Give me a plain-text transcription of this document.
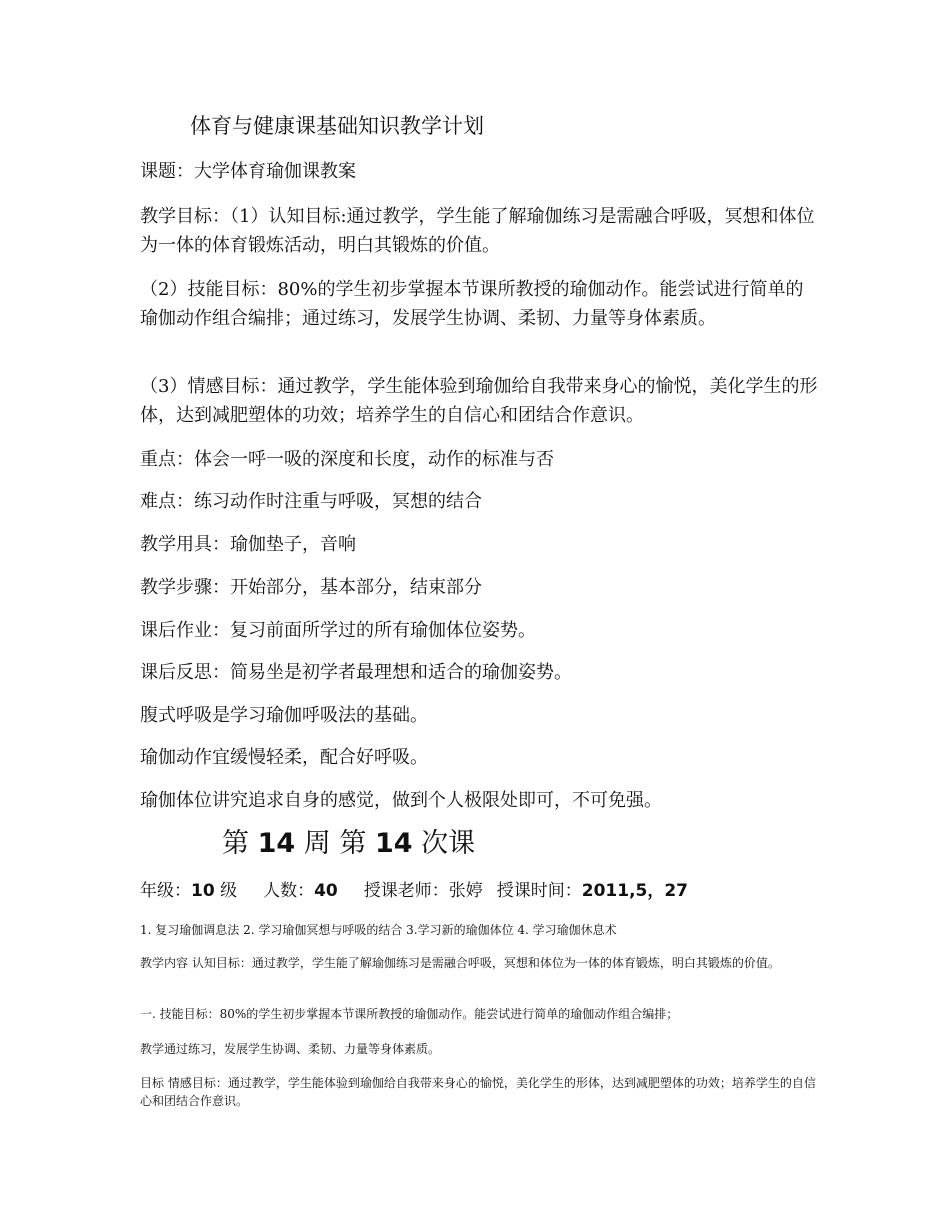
体育与健康课基础知识教学计划

课题：大学体育瑜伽课教案

教学目标：（1）认知目标:通过教学，学生能了解瑜伽练习是需融合呼吸，冥想和体位为一体的体育锻炼活动，明白其锻炼的价值。

（2）技能目标：80%的学生初步掌握本节课所教授的瑜伽动作。能尝试进行简单的瑜伽动作组合编排；通过练习，发展学生协调、柔韧、力量等身体素质。

（3）情感目标：通过教学，学生能体验到瑜伽给自我带来身心的愉悦，美化学生的形体，达到减肥塑体的功效；培养学生的自信心和团结合作意识。

重点：体会一呼一吸的深度和长度，动作的标准与否

难点：练习动作时注重与呼吸，冥想的结合

教学用具：瑜伽垫子，音响

教学步骤：开始部分，基本部分，结束部分

课后作业：复习前面所学过的所有瑜伽体位姿势。

课后反思：简易坐是初学者最理想和适合的瑜伽姿势。

腹式呼吸是学习瑜伽呼吸法的基础。

瑜伽动作宜缓慢轻柔，配合好呼吸。

瑜伽体位讲究追求自身的感觉，做到个人极限处即可，不可免强。

第 14 周 第 14 次课

年级：10 级 人数：40 授课老师：张婷 授课时间：2011,5，27

1. 复习瑜伽调息法 2. 学习瑜伽冥想与呼吸的结合 3.学习新的瑜伽体位 4. 学习瑜伽休息术

教学内容 认知目标：通过教学，学生能了解瑜伽练习是需融合呼吸，冥想和体位为一体的体育锻炼，明白其锻炼的价值。

一. 技能目标：80%的学生初步掌握本节课所教授的瑜伽动作。能尝试进行简单的瑜伽动作组合编排；

教学通过练习，发展学生协调、柔韧、力量等身体素质。

目标 情感目标：通过教学，学生能体验到瑜伽给自我带来身心的愉悦，美化学生的形体，达到减肥塑体的功效；培养学生的自信心和团结合作意识。
